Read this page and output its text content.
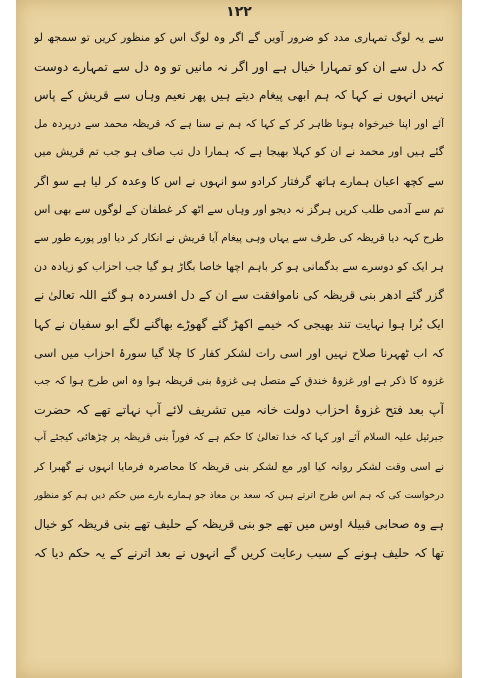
۱۲۲
سے یہ لوگ تمہاری مدد کو ضرور آویں گے اگر وہ لوگ اس کو منظور کریں تو سمجھ لو
کہ دل سے ان کو تمہارا خیال ہے اور اگر نہ مانیں تو وہ دل سے تمہارے دوست
نہیں انہوں نے کہا کہ ہم ابھی پیغام دیتے ہیں پھر نعیم وہاں سے قریش کے پاس
آئے اور اپنا خیرخواہ ہونا ظاہر کر کے کہا کہ ہم نے سنا ہے کہ قریظہ محمد سے درپردہ مل
گئے ہیں اور محمد نے ان کو کہلا بھیجا ہے کہ ہمارا دل تب صاف ہو جب تم قریش میں
سے کچھ اعیان ہمارے ہاتھ گرفتار کرادو سو انہوں نے اس کا وعدہ کر لیا ہے سو اگر
تم سے آدمی طلب کریں ہرگز نہ دیجو اور وہاں سے اٹھ کر غطفان کے لوگوں سے بھی اس
طرح کہہ دیا قریظہ کی طرف سے یہاں وہی پیغام آیا قریش نے انکار کر دیا اور پورے طور سے
ہر ایک کو دوسرے سے بدگمانی ہو کر باہم اچھا خاصا بگاڑ ہو گیا جب احزاب کو زیادہ دن
گزر گئے ادھر بنی قریظہ کی ناموافقت سے ان کے دل افسردہ ہو گئے اللہ تعالیٰ نے
ایک بُرا ہوا نہایت تند بھیجی کہ خیمے اکھڑ گئے گھوڑے بھاگنے لگے ابو سفیان نے کہا
کہ اب ٹھہرنا صلاح نہیں اور اسی رات لشکر کفار کا چلا گیا سورۂ احزاب میں اسی
غزوہ کا ذکر ہے اور غزوۂ خندق کے متصل ہی غزوۂ بنی قریظہ ہوا وہ اس طرح ہوا کہ جب
آپ بعد فتح غزوۂ احزاب دولت خانہ میں تشریف لائے آپ نہاتے تھے کہ حضرت
جبرئیل علیہ السلام آئے اور کہا کہ خدا تعالیٰ کا حکم ہے کہ فوراً بنی قریظہ پر چڑھائی کیجئے آپ
نے اسی وقت لشکر روانہ کیا اور مع لشکر بنی قریظہ کا محاصرہ فرمایا انہوں نے گھبرا کر
درخواست کی کہ ہم اس طرح اترتے ہیں کہ سعد بن معاذ جو ہمارے بارے میں حکم دیں ہم کو منظور
ہے وہ صحابی قبیلۂ اوس میں تھے جو بنی قریظہ کے حلیف تھے بنی قریظہ کو خیال
تھا کہ حلیف ہونے کے سبب رعایت کریں گے انہوں نے بعد اترنے کے یہ حکم دیا کہ
